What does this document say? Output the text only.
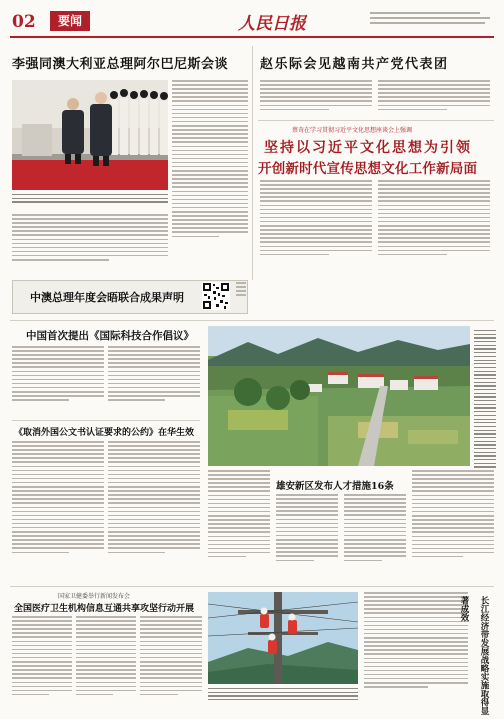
02	要闻	人民日报
李强同澳大利亚总理阿尔巴尼斯会谈 赵乐际会见越南共产党代表团
蔡奇在学习贯彻习近平文化思想座谈会上强调
坚持以习近平文化思想为引领
开创新时代宣传思想文化工作新局面
中澳总理年度会晤联合成果声明
中国首次提出《国际科技合作倡议》
《取消外国公文书认证要求的公约》在华生效
雄安新区发布人才措施16条
国家卫健委举行新闻发布会
全国医疗卫生机构信息互通共享攻坚行动开展	长江经济带发展战略实施取得显著成效
